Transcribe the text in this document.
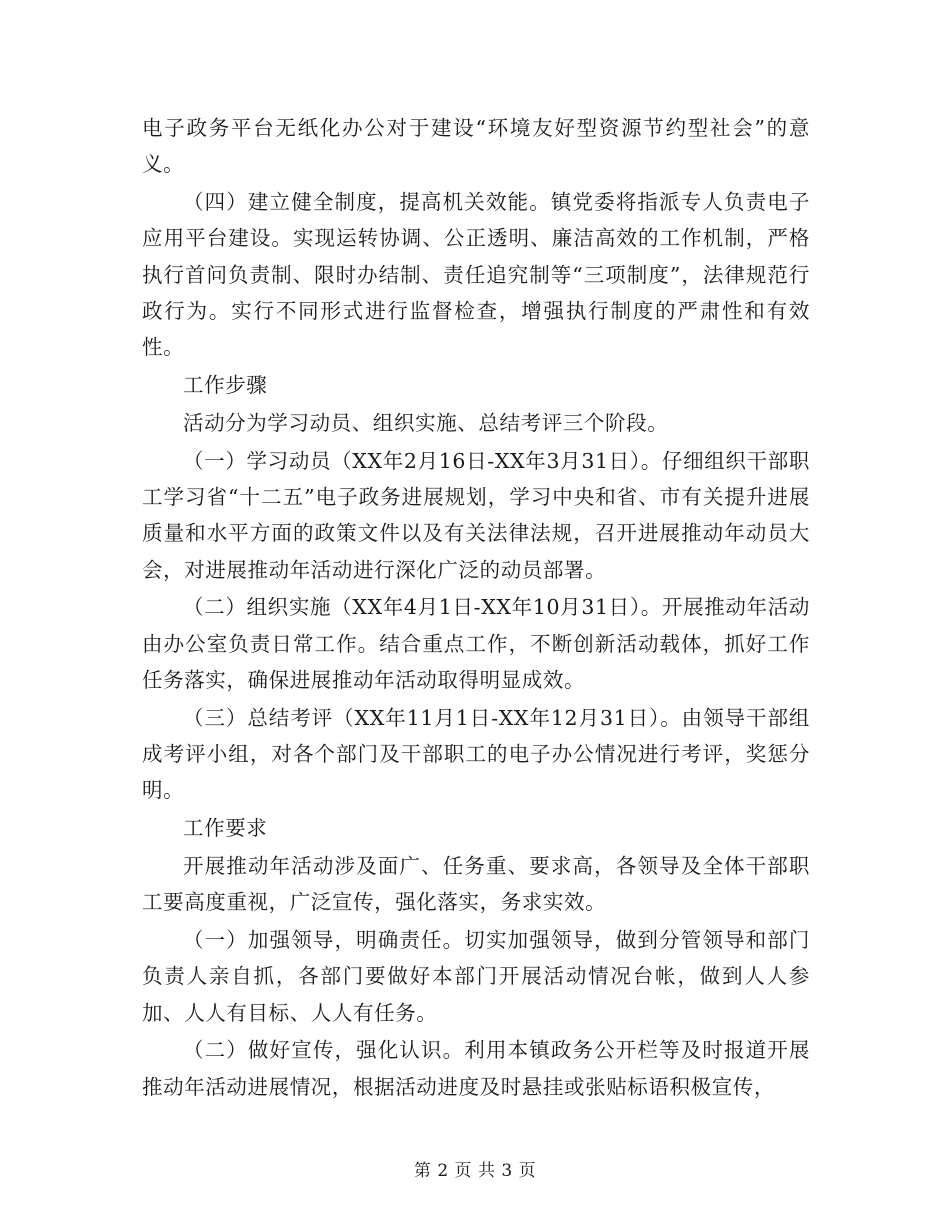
电子政务平台无纸化办公对于建设“环境友好型资源节约型社会”的意义。

（四）建立健全制度，提高机关效能。镇党委将指派专人负责电子应用平台建设。实现运转协调、公正透明、廉洁高效的工作机制，严格执行首问负责制、限时办结制、责任追究制等“三项制度”，法律规范行政行为。实行不同形式进行监督检查，增强执行制度的严肃性和有效性。

工作步骤

活动分为学习动员、组织实施、总结考评三个阶段。

（一）学习动员（XX年2月16日-XX年3月31日）。仔细组织干部职工学习省“十二五”电子政务进展规划，学习中央和省、市有关提升进展质量和水平方面的政策文件以及有关法律法规，召开进展推动年动员大会，对进展推动年活动进行深化广泛的动员部署。

（二）组织实施（XX年4月1日-XX年10月31日）。开展推动年活动由办公室负责日常工作。结合重点工作，不断创新活动载体，抓好工作任务落实，确保进展推动年活动取得明显成效。

（三）总结考评（XX年11月1日-XX年12月31日）。由领导干部组成考评小组，对各个部门及干部职工的电子办公情况进行考评，奖惩分明。

工作要求

开展推动年活动涉及面广、任务重、要求高，各领导及全体干部职工要高度重视，广泛宣传，强化落实，务求实效。

（一）加强领导，明确责任。切实加强领导，做到分管领导和部门负责人亲自抓，各部门要做好本部门开展活动情况台帐，做到人人参加、人人有目标、人人有任务。

（二）做好宣传，强化认识。利用本镇政务公开栏等及时报道开展推动年活动进展情况，根据活动进度及时悬挂或张贴标语积极宣传，

第 2 页 共 3 页
